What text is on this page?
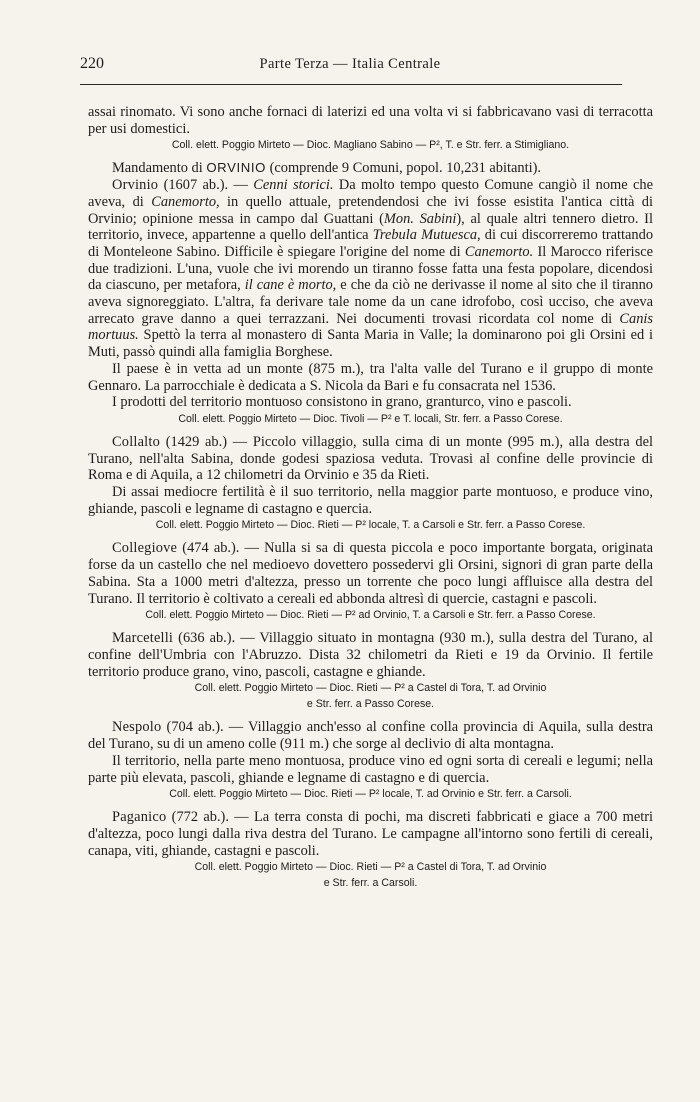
220	Parte Terza — Italia Centrale

assai rinomato. Vi sono anche fornaci di laterizi ed una volta vi si fabbricavano vasi di terracotta per usi domestici.

Coll. elett. Poggio Mirteto — Dioc. Magliano Sabino — P², T. e Str. ferr. a Stimigliano.

Mandamento di ORVINIO (comprende 9 Comuni, popol. 10,231 abitanti).

Orvinio (1607 ab.). — Cenni storici. Da molto tempo questo Comune cangiò il nome che aveva, di Canemorto, in quello attuale, pretendendosi che ivi fosse esistita l'antica città di Orvinio; opinione messa in campo dal Guattani (Mon. Sabini), al quale altri tennero dietro. Il territorio, invece, appartenne a quello dell'antica Trebula Mutuesca, di cui discorreremo trattando di Monteleone Sabino. Difficile è spiegare l'origine del nome di Canemorto. Il Marocco riferisce due tradizioni. L'una, vuole che ivi morendo un tiranno fosse fatta una festa popolare, dicendosi da ciascuno, per metafora, il cane è morto, e che da ciò ne derivasse il nome al sito che il tiranno aveva signoreggiato. L'altra, fa derivare tale nome da un cane idrofobo, così ucciso, che aveva arrecato grave danno a quei terrazzani. Nei documenti trovasi ricordata col nome di Canis mortuus. Spettò la terra al monastero di Santa Maria in Valle; la dominarono poi gli Orsini ed i Muti, passò quindi alla famiglia Borghese.

Il paese è in vetta ad un monte (875 m.), tra l'alta valle del Turano e il gruppo di monte Gennaro. La parrocchiale è dedicata a S. Nicola da Bari e fu consacrata nel 1536.

I prodotti del territorio montuoso consistono in grano, granturco, vino e pascoli.

Coll. elett. Poggio Mirteto — Dioc. Tivoli — P² e T. locali, Str. ferr. a Passo Corese.

Collalto (1429 ab.) — Piccolo villaggio, sulla cima di un monte (995 m.), alla destra del Turano, nell'alta Sabina, donde godesi spaziosa veduta. Trovasi al confine delle provincie di Roma e di Aquila, a 12 chilometri da Orvinio e 35 da Rieti.

Di assai mediocre fertilità è il suo territorio, nella maggior parte montuoso, e produce vino, ghiande, pascoli e legname di castagno e quercia.

Coll. elett. Poggio Mirteto — Dioc. Rieti — P² locale, T. a Carsoli e Str. ferr. a Passo Corese.

Collegiove (474 ab.). — Nulla si sa di questa piccola e poco importante borgata, originata forse da un castello che nel medioevo dovettero possedervi gli Orsini, signori di gran parte della Sabina. Sta a 1000 metri d'altezza, presso un torrente che poco lungi affluisce alla destra del Turano. Il territorio è coltivato a cereali ed abbonda altresì di quercie, castagni e pascoli.

Coll. elett. Poggio Mirteto — Dioc. Rieti — P² ad Orvinio, T. a Carsoli e Str. ferr. a Passo Corese.

Marcetelli (636 ab.). — Villaggio situato in montagna (930 m.), sulla destra del Turano, al confine dell'Umbria con l'Abruzzo. Dista 32 chilometri da Rieti e 19 da Orvinio. Il fertile territorio produce grano, vino, pascoli, castagne e ghiande.

Coll. elett. Poggio Mirteto — Dioc. Rieti — P² a Castel di Tora, T. ad Orvinio
e Str. ferr. a Passo Corese.

Nespolo (704 ab.). — Villaggio anch'esso al confine colla provincia di Aquila, sulla destra del Turano, su di un ameno colle (911 m.) che sorge al declivio di alta montagna.

Il territorio, nella parte meno montuosa, produce vino ed ogni sorta di cereali e legumi; nella parte più elevata, pascoli, ghiande e legname di castagno e di quercia.

Coll. elett. Poggio Mirteto — Dioc. Rieti — P² locale, T. ad Orvinio e Str. ferr. a Carsoli.

Paganico (772 ab.). — La terra consta di pochi, ma discreti fabbricati e giace a 700 metri d'altezza, poco lungi dalla riva destra del Turano. Le campagne all'intorno sono fertili di cereali, canapa, viti, ghiande, castagni e pascoli.

Coll. elett. Poggio Mirteto — Dioc. Rieti — P² a Castel di Tora, T. ad Orvinio
e Str. ferr. a Carsoli.
